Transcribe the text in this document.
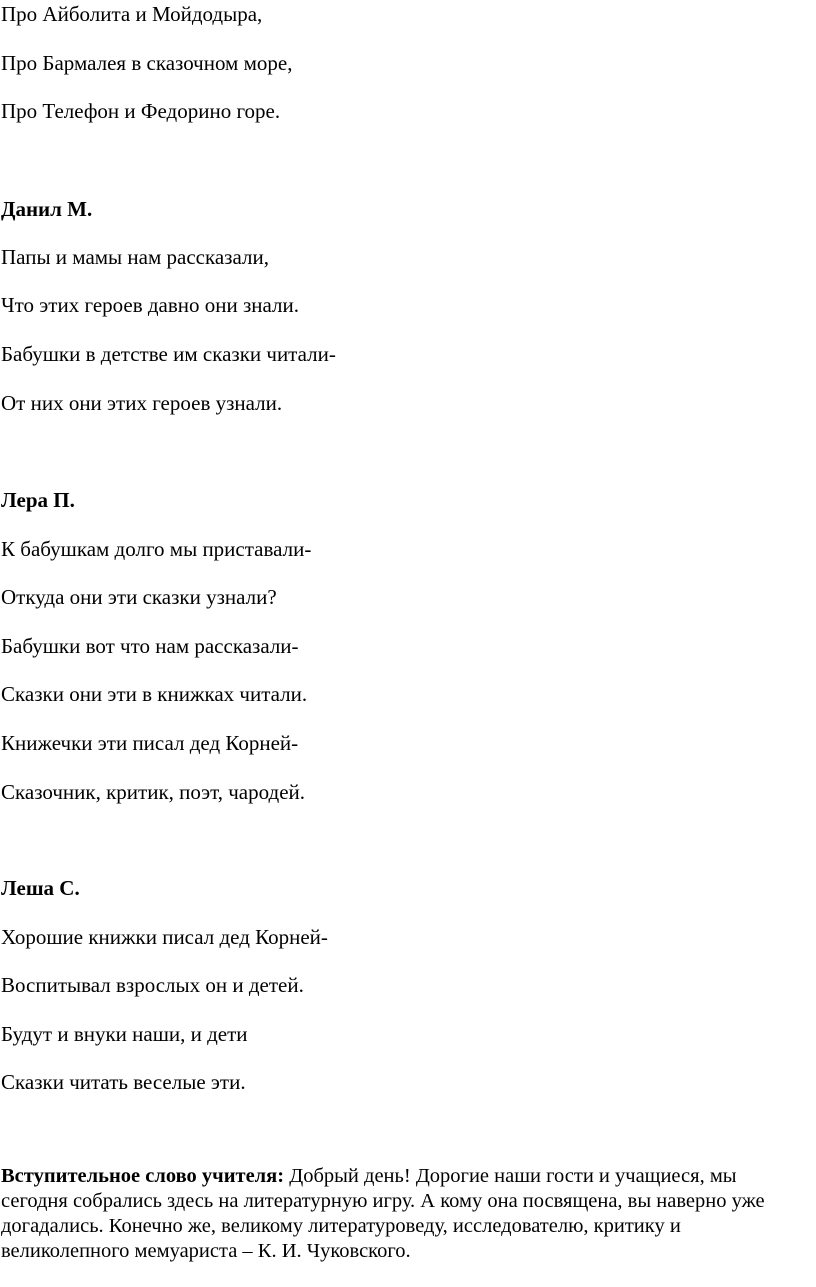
Про Айболита и Мойдодыра,
Про Бармалея в сказочном море,
Про Телефон и Федорино горе.
Данил М.
Папы и мамы нам рассказали,
Что этих героев давно они знали.
Бабушки в детстве им сказки читали-
От них они этих героев узнали.
Лера П.
К бабушкам долго мы приставали-
Откуда они эти сказки узнали?
Бабушки вот что нам рассказали-
Сказки они эти в книжках читали.
Книжечки эти писал дед Корней-
Сказочник, критик, поэт, чародей.
Леша С.
Хорошие книжки писал дед Корней-
Воспитывал взрослых он и детей.
Будут и внуки наши, и дети
Сказки читать веселые эти.
Вступительное слово учителя: Добрый день! Дорогие наши гости и учащиеся, мы сегодня собрались здесь на литературную игру. А кому она посвящена, вы наверно уже догадались. Конечно же, великому литературоведу, исследователю, критику и великолепного мемуариста – К. И. Чуковского.
